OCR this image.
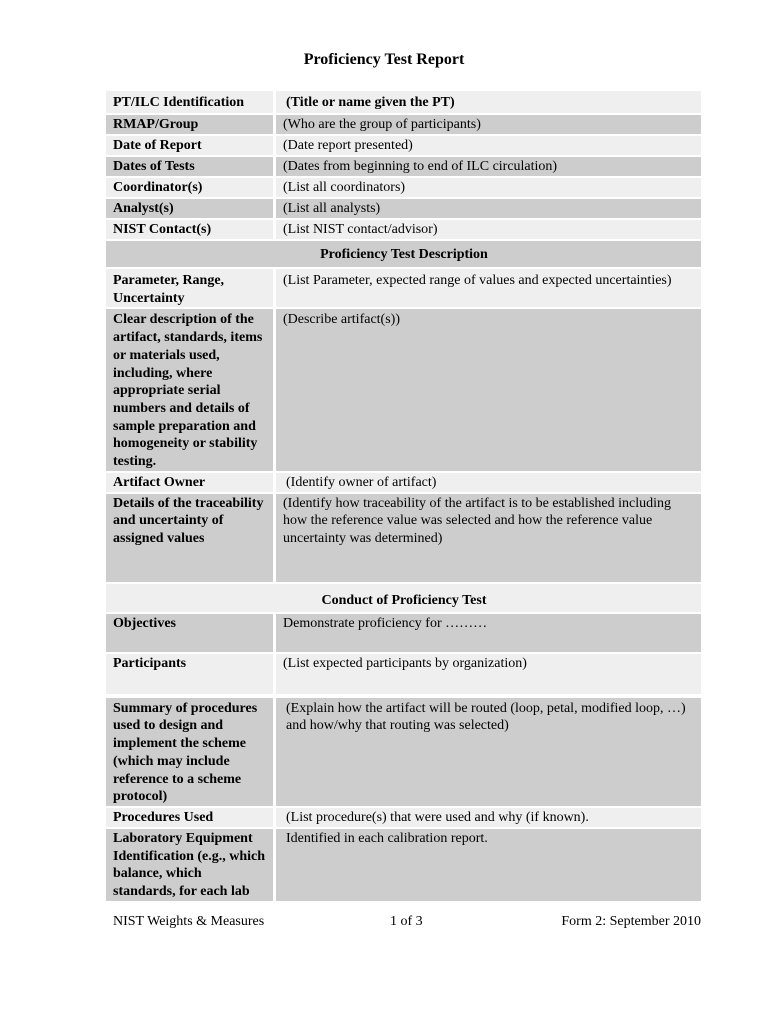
Proficiency Test Report
PT/ILC Identification	(Title or name given the PT)
RMAP/Group	(Who are the group of participants)
Date of Report	(Date report presented)
Dates of Tests	(Dates from beginning to end of ILC circulation)
Coordinator(s)	(List all coordinators)
Analyst(s)	(List all analysts)
NIST Contact(s)	(List NIST contact/advisor)
Proficiency Test Description	
Parameter, Range, Uncertainty	(List Parameter, expected range of values and expected uncertainties)
Clear description of the artifact, standards, items or materials used, including, where appropriate serial numbers and details of sample preparation and homogeneity or stability testing.	(Describe artifact(s))
Artifact Owner	(Identify owner of artifact)
Details of the traceability and uncertainty of assigned values	(Identify how traceability of the artifact is to be established including how the reference value was selected and how the reference value uncertainty was determined)
Conduct of Proficiency Test	
Objectives	Demonstrate proficiency for ………
Participants	(List expected participants by organization)

Summary of procedures used to design and implement the scheme (which may include reference to a scheme protocol)	(Explain how the artifact will be routed (loop, petal, modified loop, …) and how/why that routing was selected)
Procedures Used	(List procedure(s) that were used and why (if known).
Laboratory Equipment Identification (e.g., which balance, which standards, for each lab	Identified in each calibration report.
NIST Weights & Measures	1 of 3	Form 2: September 2010
